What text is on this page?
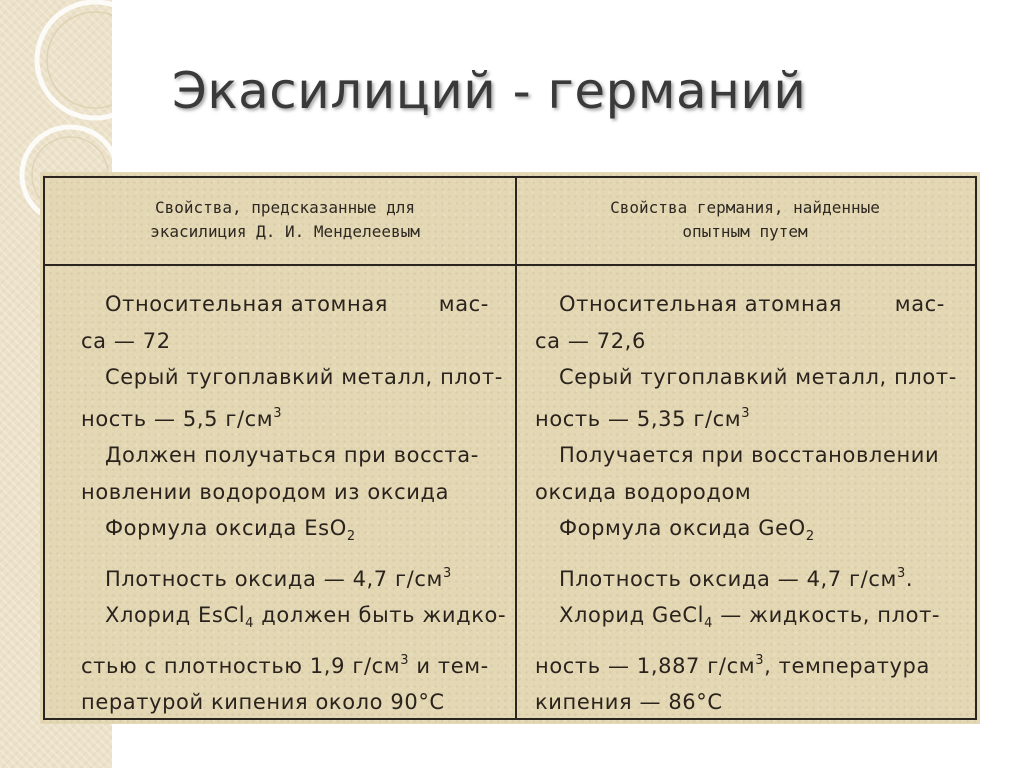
Экасилиций - германий
Свойства, предсказанные для
экасилиция Д. И. Менделеевым
Свойства германия, найденные
опытным путем
Относительная атомная мас-
са — 72
Серый тугоплавкий металл, плот-
ность — 5,5 $г/см^3$
Должен получаться при восста-
новлении водородом из оксида
Формула оксида EsO$_2$
Плотность оксида — 4,7 $г/см^3$
Хлорид EsCl$_4$ должен быть жидко-
стью с плотностью 1,9 $г/см^3$ и тем-
пературой кипения около 90°C
Относительная атомная	мас-
са — 72,6
Серый тугоплавкий металл, плот-
ность — 5,35 $г/см^3$
Получается при восстановлении
оксида водородом
Формула оксида GeO$_2$
Плотность оксида — 4,7 $г/см^3$.
Хлорид GeCl$_4$ — жидкость, плот-
ность — 1,887 $г/см^3$, температура
кипения — 86°C
